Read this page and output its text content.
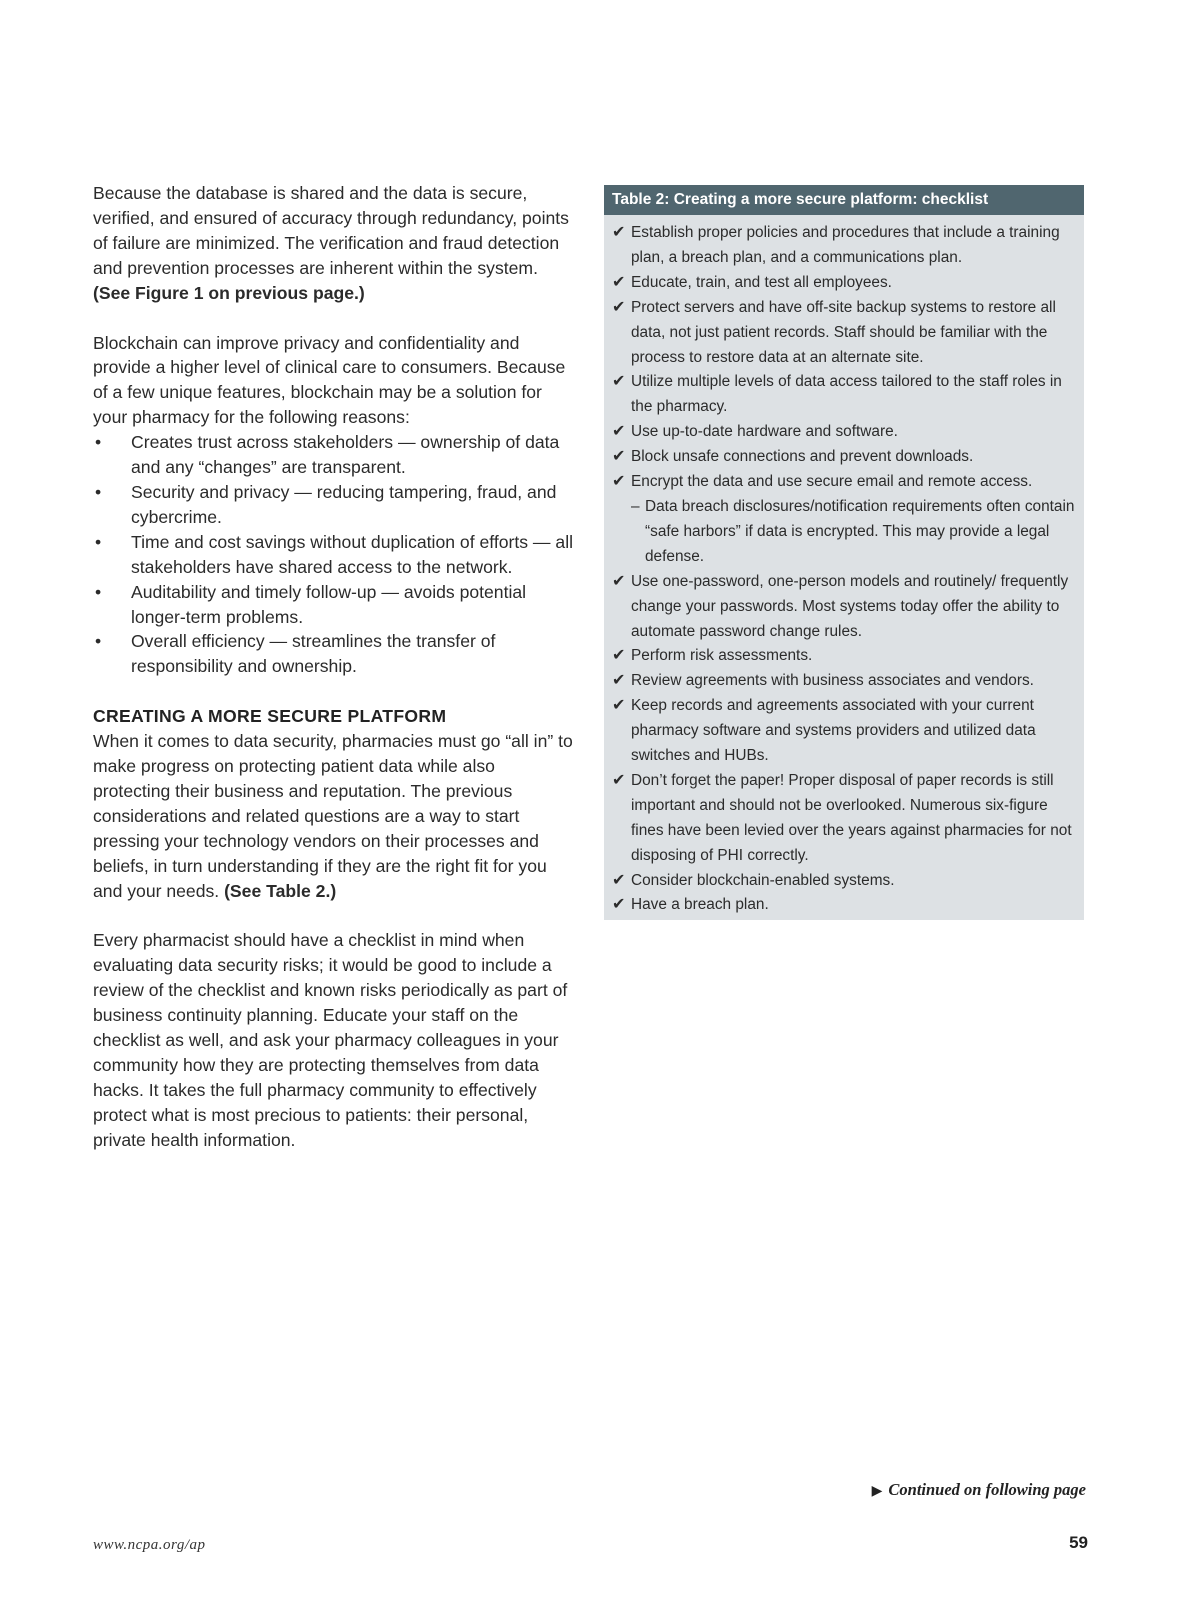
Because the database is shared and the data is secure, verified, and ensured of accuracy through redundancy, points of failure are minimized. The verification and fraud detection and prevention processes are inherent within the system. (See Figure 1 on previous page.)

Blockchain can improve privacy and confidentiality and provide a higher level of clinical care to consumers. Because of a few unique features, blockchain may be a solution for your pharmacy for the following reasons:

• Creates trust across stakeholders — ownership of data and any “changes” are transparent.
• Security and privacy — reducing tampering, fraud, and cybercrime.
• Time and cost savings without duplication of efforts — all stakeholders have shared access to the network.
• Auditability and timely follow-up — avoids potential longer-term problems.
• Overall efficiency — streamlines the transfer of responsibility and ownership.

CREATING A MORE SECURE PLATFORM

When it comes to data security, pharmacies must go “all in” to make progress on protecting patient data while also protecting their business and reputation. The previous considerations and related questions are a way to start pressing your technology vendors on their processes and beliefs, in turn understanding if they are the right fit for you and your needs. (See Table 2.)

Every pharmacist should have a checklist in mind when evaluating data security risks; it would be good to include a review of the checklist and known risks periodically as part of business continuity planning. Educate your staff on the checklist as well, and ask your pharmacy colleagues in your community how they are protecting themselves from data hacks. It takes the full pharmacy community to effectively protect what is most precious to patients: their personal, private health information.

Table 2: Creating a more secure platform: checklist
✔ Establish proper policies and procedures that include a training plan, a breach plan, and a communications plan.
✔ Educate, train, and test all employees.
✔ Protect servers and have off-site backup systems to restore all data, not just patient records. Staff should be familiar with the process to restore data at an alternate site.
✔ Utilize multiple levels of data access tailored to the staff roles in the pharmacy.
✔ Use up-to-date hardware and software.
✔ Block unsafe connections and prevent downloads.
✔ Encrypt the data and use secure email and remote access.
– Data breach disclosures/notification requirements often contain “safe harbors” if data is encrypted. This may provide a legal defense.
✔ Use one-password, one-person models and routinely/ frequently change your passwords. Most systems today offer the ability to automate password change rules.
✔ Perform risk assessments.
✔ Review agreements with business associates and vendors.
✔ Keep records and agreements associated with your current pharmacy software and systems providers and utilized data switches and HUBs.
✔ Don’t forget the paper! Proper disposal of paper records is still important and should not be overlooked. Numerous six-figure fines have been levied over the years against pharmacies for not disposing of PHI correctly.
✔ Consider blockchain-enabled systems.
✔ Have a breach plan.
▶ Continued on following page
www.ncpa.org/ap	59
